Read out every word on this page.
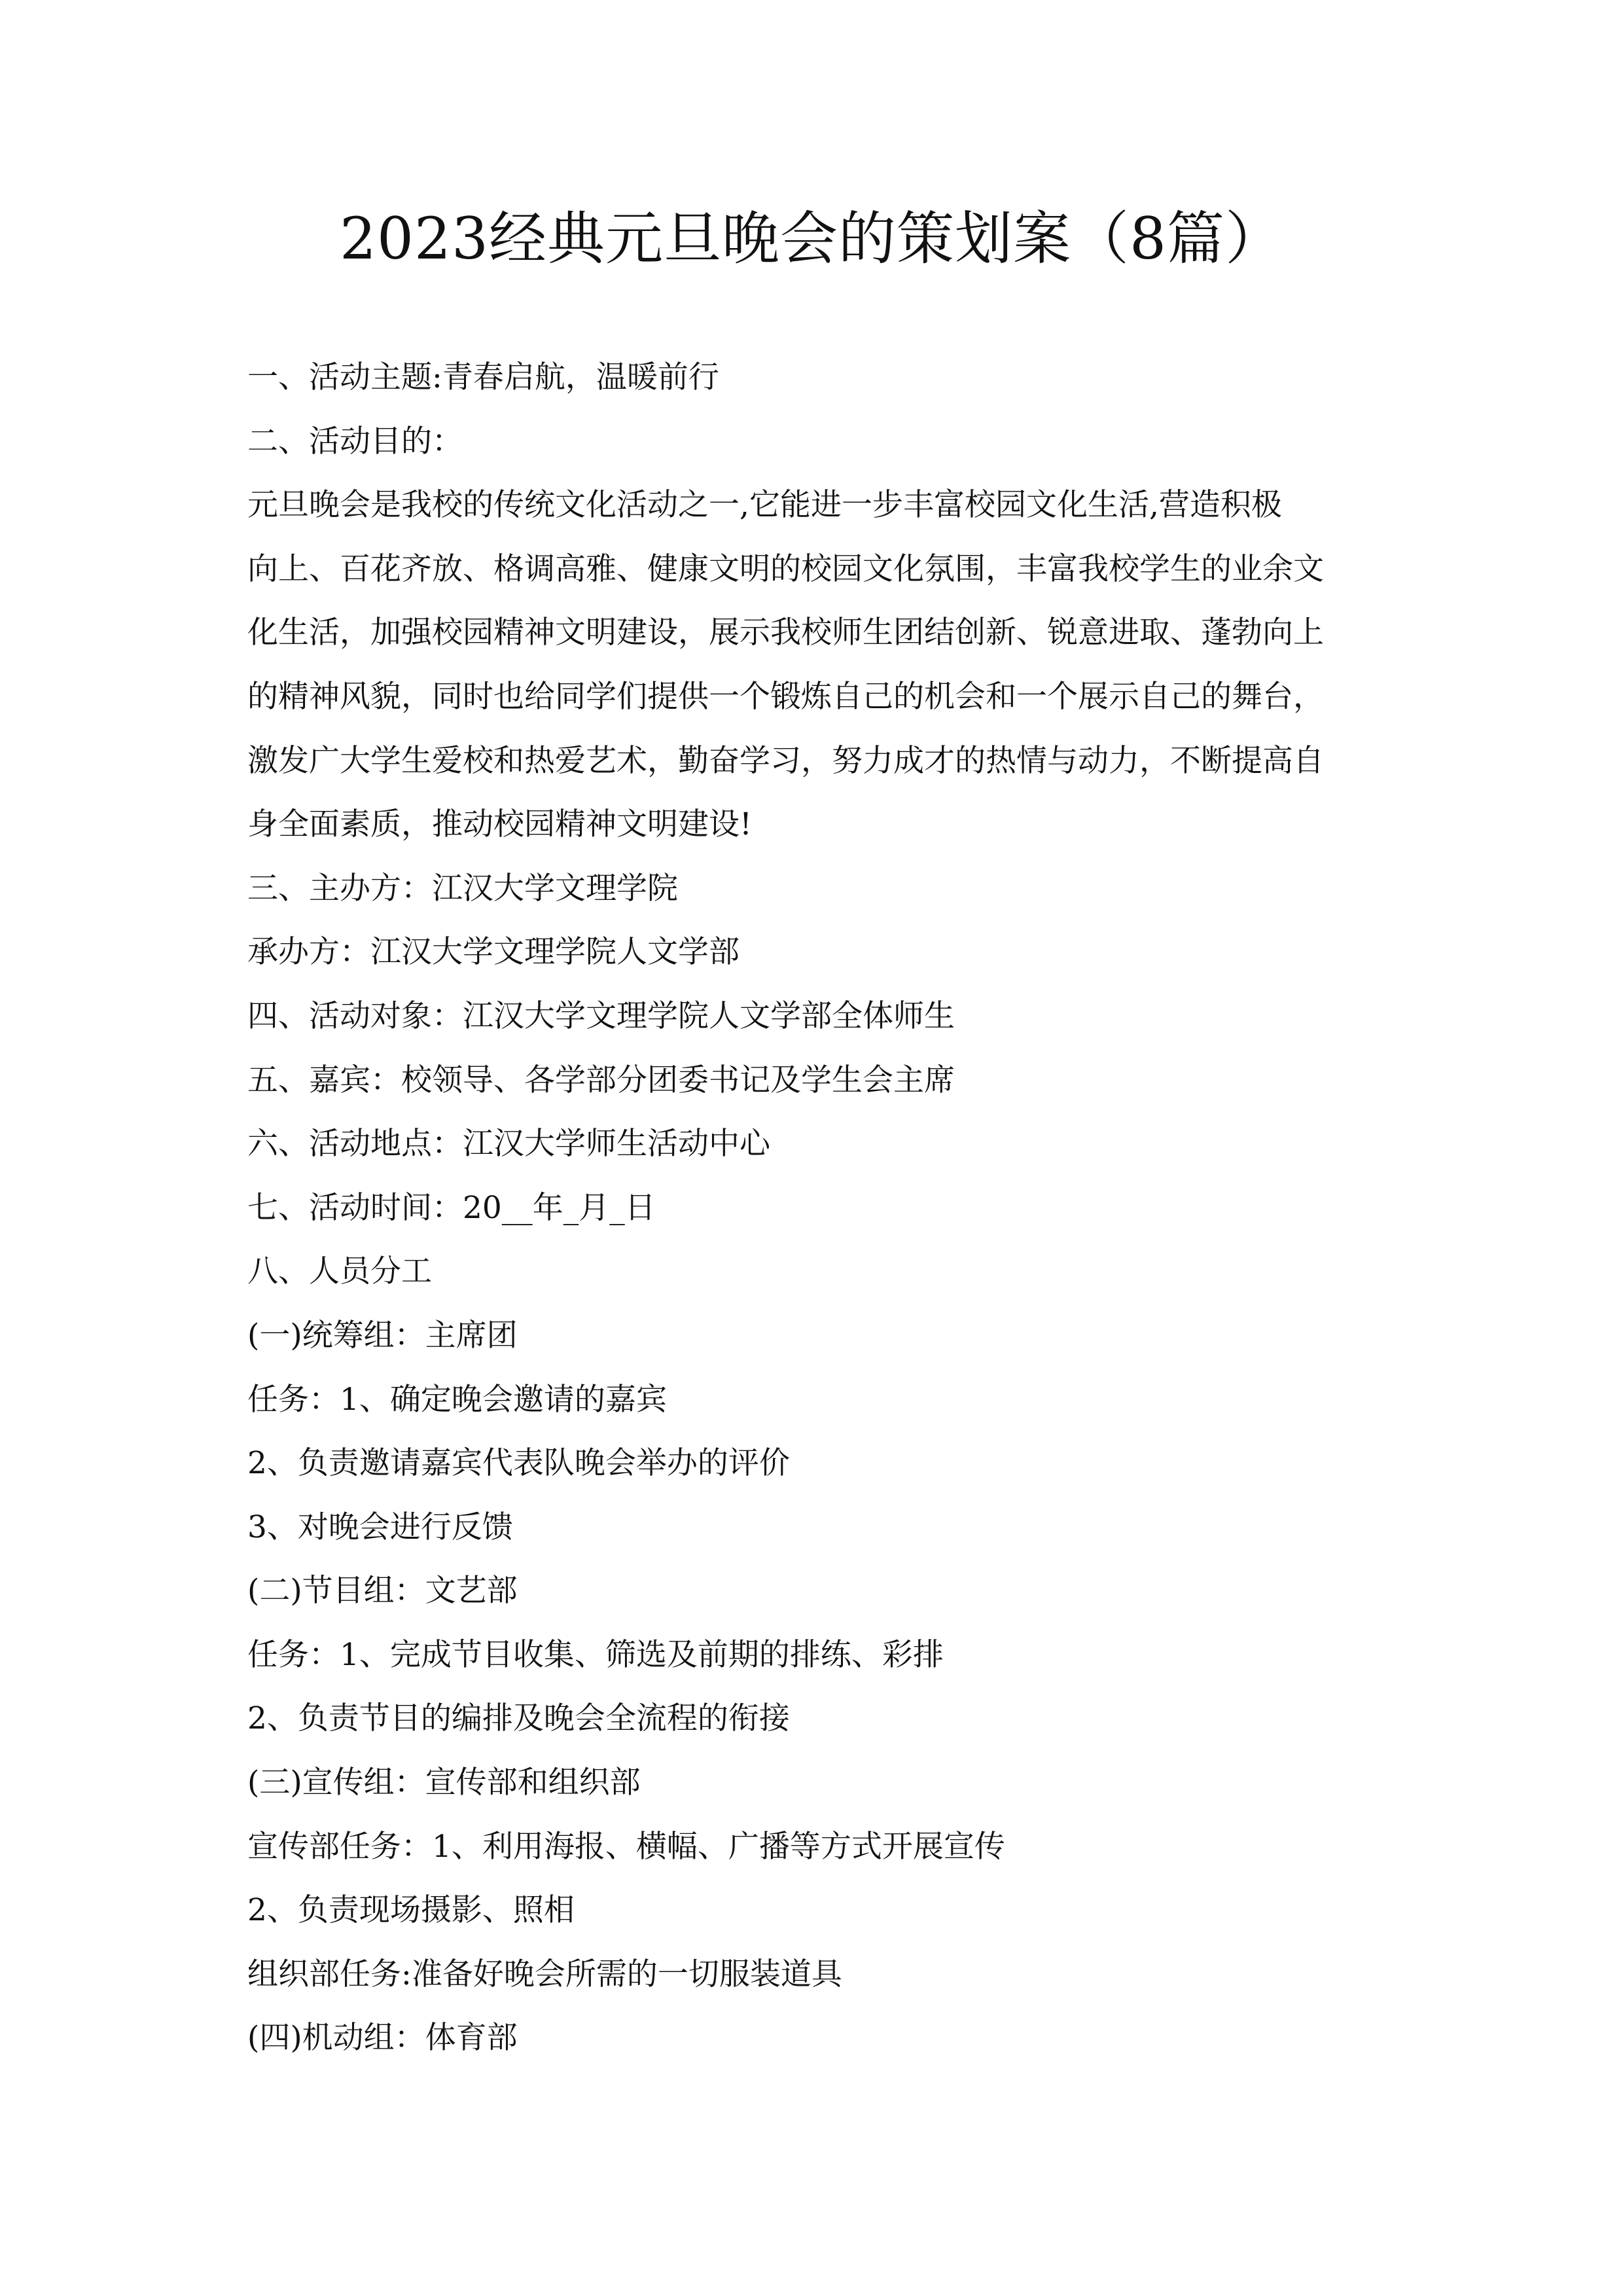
2023经典元旦晚会的策划案（8篇）
一、活动主题:青春启航，温暖前行
二、活动目的：
元旦晚会是我校的传统文化活动之一,它能进一步丰富校园文化生活,营造积极
向上、百花齐放、格调高雅、健康文明的校园文化氛围，丰富我校学生的业余文
化生活，加强校园精神文明建设，展示我校师生团结创新、锐意进取、蓬勃向上
的精神风貌，同时也给同学们提供一个锻炼自己的机会和一个展示自己的舞台，
激发广大学生爱校和热爱艺术，勤奋学习，努力成才的热情与动力，不断提高自
身全面素质，推动校园精神文明建设!
三、主办方：江汉大学文理学院
承办方：江汉大学文理学院人文学部
四、活动对象：江汉大学文理学院人文学部全体师生
五、嘉宾：校领导、各学部分团委书记及学生会主席
六、活动地点：江汉大学师生活动中心
七、活动时间：20__年_月_日
八、人员分工
(一)统筹组：主席团
任务：1、确定晚会邀请的嘉宾
2、负责邀请嘉宾代表队晚会举办的评价
3、对晚会进行反馈
(二)节目组：文艺部
任务：1、完成节目收集、筛选及前期的排练、彩排
2、负责节目的编排及晚会全流程的衔接
(三)宣传组：宣传部和组织部
宣传部任务：1、利用海报、横幅、广播等方式开展宣传
2、负责现场摄影、照相
组织部任务:准备好晚会所需的一切服装道具
(四)机动组：体育部
